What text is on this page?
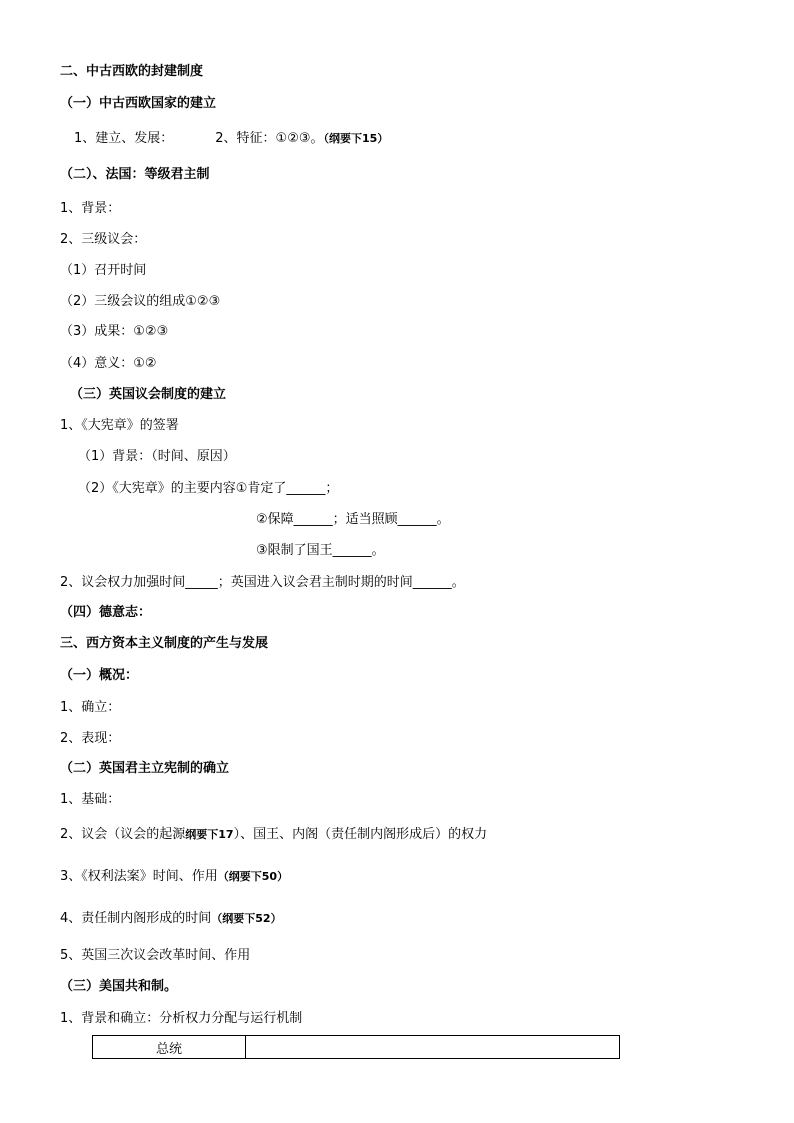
二、中古西欧的封建制度
（一）中古西欧国家的建立
1、建立、发展：	2、特征：①②③。（纲要下15）
（二）、法国：等级君主制
1、背景：
2、三级议会：
（1）召开时间
（2）三级会议的组成①②③
（3）成果：①②③
（4）意义：①②
（三）英国议会制度的建立
1、《大宪章》的签署
（1）背景：（时间、原因）
（2）《大宪章》的主要内容①肯定了______；
②保障______；适当照顾______。
③限制了国王______。
2、议会权力加强时间_____；英国进入议会君主制时期的时间______。
（四）德意志：
三、西方资本主义制度的产生与发展
（一）概况：
1、确立：
2、表现：
（二）英国君主立宪制的确立
1、基础：
2、议会（议会的起源纲要下17）、国王、内阁（责任制内阁形成后）的权力
3、《权利法案》时间、作用（纲要下50）
4、责任制内阁形成的时间（纲要下52）
5、英国三次议会改革时间、作用
（三）美国共和制。
1、背景和确立：分析权力分配与运行机制
总统	
